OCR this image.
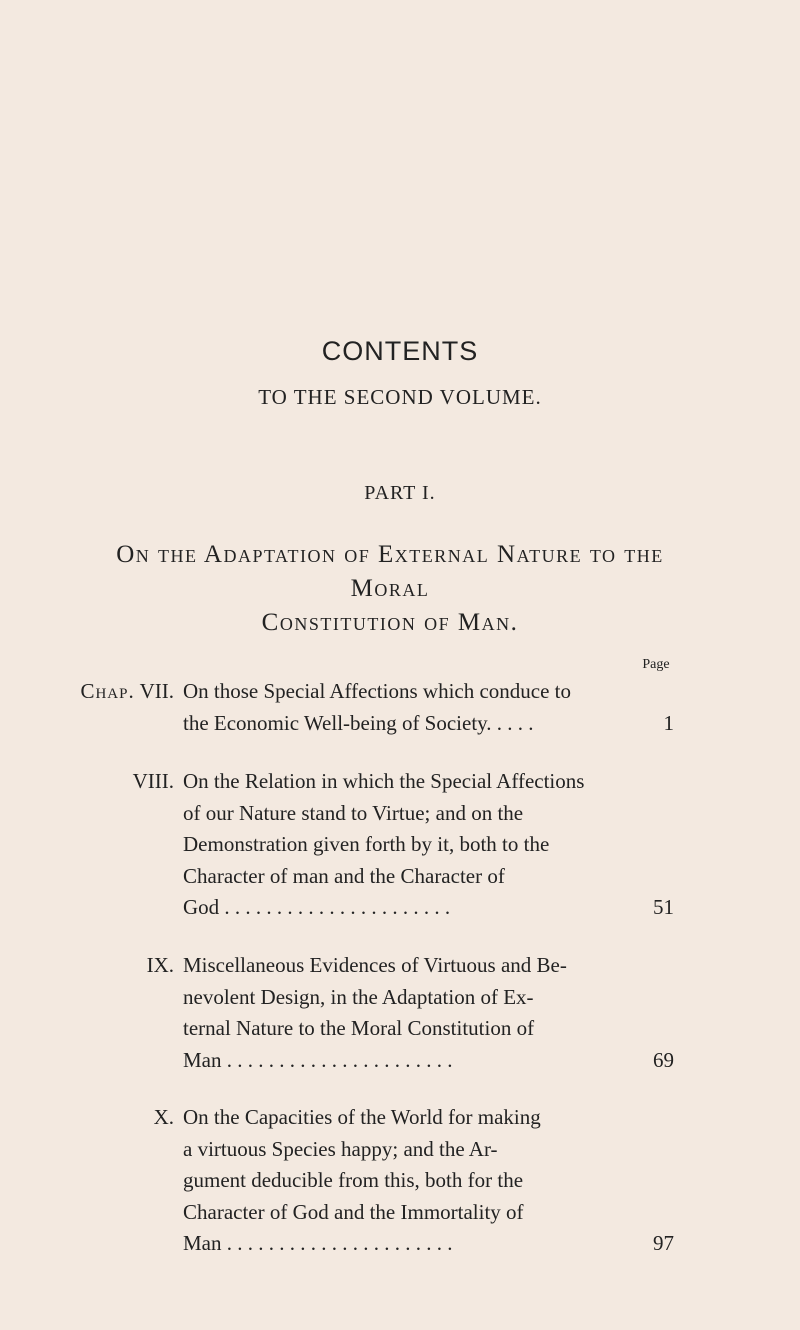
CONTENTS
TO THE SECOND VOLUME.
PART I.
On the Adaptation of External Nature to the Moral
Constitution of Man.
Page
Chap. VII. On those Special Affections which conduce to
the Economic Well-being of Society. . . . .	1
VIII. On the Relation in which the Special Affections
of our Nature stand to Virtue; and on the
Demonstration given forth by it, both to the
Character of man and the Character of
God . . . . . . . . . . . . . . . . . . . . . .	51
IX. Miscellaneous Evidences of Virtuous and Be-
nevolent Design, in the Adaptation of Ex-
ternal Nature to the Moral Constitution of
Man . . . . . . . . . . . . . . . . . . . . . .	69
X. On the Capacities of the World for making
a virtuous Species happy; and the Ar-
gument deducible from this, both for the
Character of God and the Immortality of
Man . . . . . . . . . . . . . . . . . . . . . .	97
